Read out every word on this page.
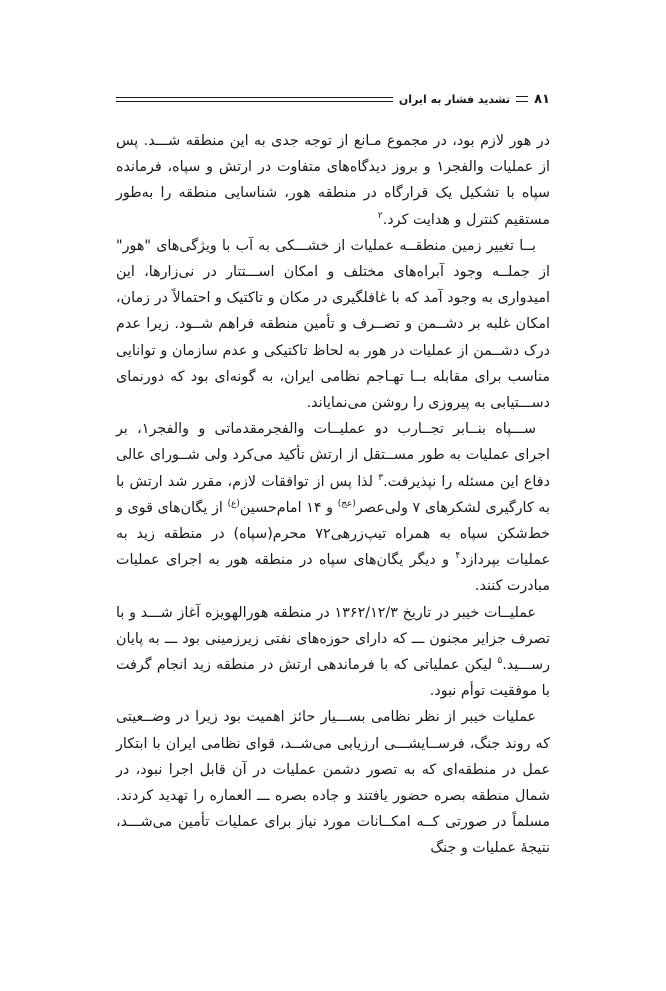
۸۱
تشدید فشار به ایران

در هور لازم بود، در مجموع مـانع از توجه جدی به این منطقه شـــد. پس از عملیات والفجر۱ و بروز دیدگاه‌های متفاوت در ارتش و سپاه، فرمانده سپاه با تشکیل یک قرارگاه در منطقه هور، شناسایی منطقه را به‌طور مستقیم کنترل و هدایت کرد.$^۲$

بــا تغییر زمین منطقــه عملیات از خشـــکی به آب با ویژگی‌های "هور" از جملــه وجود آبراه‌های مختلف و امکان اســـتتار در نی‌زارها، این امیدواری به وجود آمد که با غافلگیری در مکان و تاکتیک و احتمالاً در زمان، امکان غلبه بر دشــمن و تصــرف و تأمین منطقه فراهم شــود. زیرا عدم درک دشــمن از عملیات در هور به لحاظ تاکتیکی و عدم سازمان و توانایی مناسب برای مقابله بــا تهـاجم نظامی ایران، به گونه‌ای بود که دورنمای دســـتیابی به پیروزی را روشن می‌نمایاند.

ســـپاه بنــابر تجــارب دو عملیــات والفجرمقدماتی و والفجر۱، بر اجرای عملیات به طور مســتقل از ارتش تأکید می‌کرد ولی شــورای عالی دفاع این مسئله را نپذیرفت.$^۳$ لذا پس از توافقات لازم، مقرر شد ارتش با به کارگیری لشکرهای ۷ ولی‌عصر$^{(عج)}$ و ۱۴ امام‌حسین$^{(ع)}$ از یگان‌های قوی و خط‌شکن سپاه به همراه تیپ‌زرهی۷۲ محرم(سپاه) در منطقه زید به عملیات بپردازد$^۴$ و دیگر یگان‌های سپاه در منطقه هور به اجرای عملیات مبادرت کنند.

عملیــات خیبر در تاریخ ۱۳۶۲/۱۲/۳ در منطقه هورالهویزه آغاز شـــد و با تصرف جزایر مجنون ـــ که دارای حوزه‌های نفتی زیرزمینی بود ـــ به پایان رســـید.$^۵$ لیکن عملیاتی که با فرماندهی ارتش در منطقه زید انجام گرفت با موفقیت توأم نبود.

عملیات خیبر از نظر نظامی بســـیار حائز اهمیت بود زیرا در وضــعیتی که روند جنگ، فرســایشـــی ارزیابی می‌شــد، قوای نظامی ایران با ابتکار عمل در منطقه‌ای که به تصور دشمن عملیات در آن قابل اجرا نبود، در شمال منطقه بصره حضور یافتند و جاده بصره ـــ العماره را تهدید کردند. مسلماً در صورتی کــه امکــانات مورد نیاز برای عملیات تأمین می‌شـــد، نتیجهٔ عملیات و جنگ
